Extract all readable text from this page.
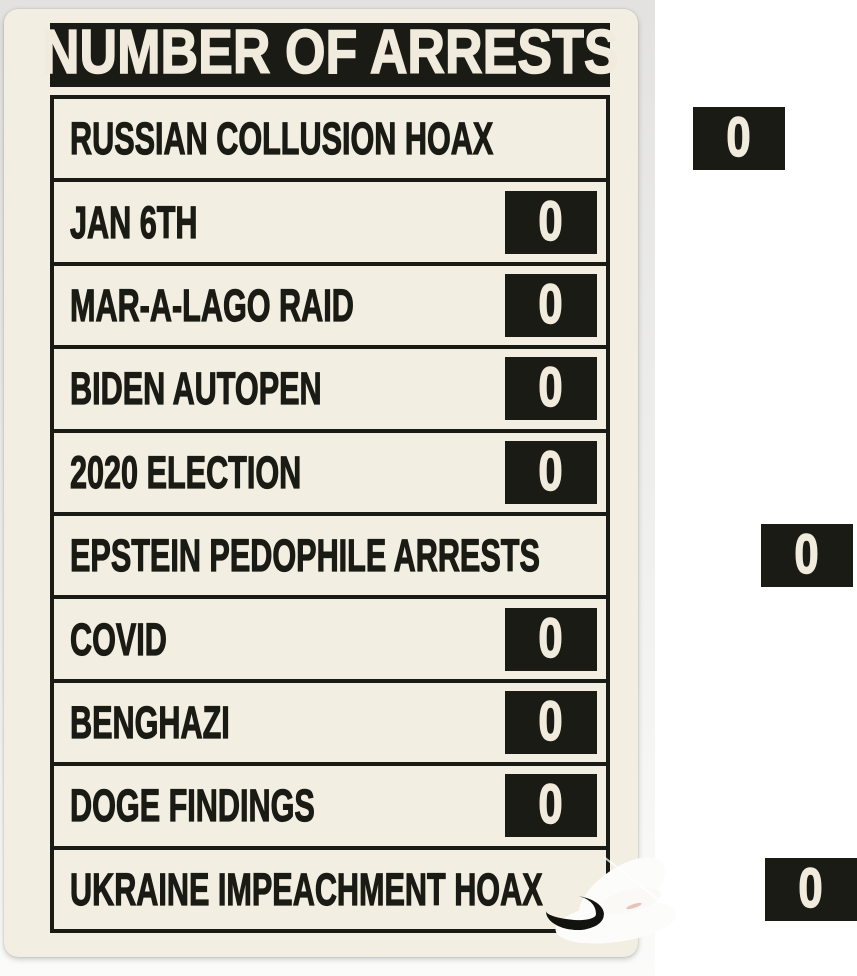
NUMBER OF ARRESTS
RUSSIAN COLLUSION HOAX	0
JAN 6TH	0
MAR-A-LAGO RAID	0
BIDEN AUTOPEN	0
2020 ELECTION	0
EPSTEIN PEDOPHILE ARRESTS	0
COVID	0
BENGHAZI	0
DOGE FINDINGS	0
UKRAINE IMPEACHMENT HOAX	0
